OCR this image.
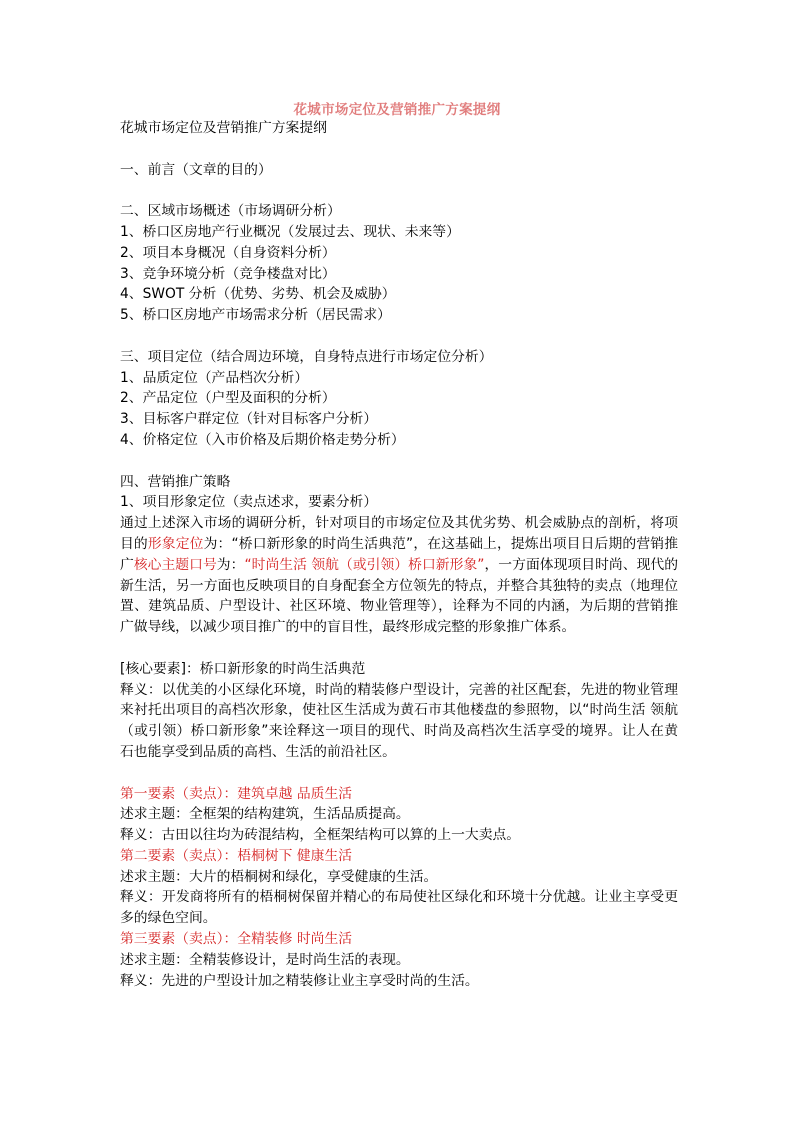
花城市场定位及营销推广方案提纲
花城市场定位及营销推广方案提纲
一、前言（文章的目的）
二、区域市场概述（市场调研分析）
1、桥口区房地产行业概况（发展过去、现状、未来等）
2、项目本身概况（自身资料分析）
3、竞争环境分析（竞争楼盘对比）
4、SWOT 分析（优势、劣势、机会及威胁）
5、桥口区房地产市场需求分析（居民需求）
三、项目定位（结合周边环境，自身特点进行市场定位分析）
1、品质定位（产品档次分析）
2、产品定位（户型及面积的分析）
3、目标客户群定位（针对目标客户分析）
4、价格定位（入市价格及后期价格走势分析）
四、营销推广策略
1、项目形象定位（卖点述求，要素分析）
通过上述深入市场的调研分析，针对项目的市场定位及其优劣势、机会威胁点的剖析，将项目的形象定位为：“桥口新形象的时尚生活典范”，在这基础上，提炼出项目日后期的营销推广核心主题口号为：“时尚生活 领航（或引领）桥口新形象”，一方面体现项目时尚、现代的新生活，另一方面也反映项目的自身配套全方位领先的特点，并整合其独特的卖点（地理位置、建筑品质、户型设计、社区环境、物业管理等），诠释为不同的内涵，为后期的营销推广做导线，以减少项目推广的中的盲目性，最终形成完整的形象推广体系。
[核心要素]：桥口新形象的时尚生活典范
释义：以优美的小区绿化环境，时尚的精装修户型设计，完善的社区配套，先进的物业管理来衬托出项目的高档次形象，使社区生活成为黄石市其他楼盘的参照物，以“时尚生活 领航（或引领）桥口新形象”来诠释这一项目的现代、时尚及高档次生活享受的境界。让人在黄石也能享受到品质的高档、生活的前沿社区。
第一要素（卖点）：建筑卓越 品质生活
述求主题：全框架的结构建筑，生活品质提高。
释义：古田以往均为砖混结构，全框架结构可以算的上一大卖点。
第二要素（卖点）：梧桐树下 健康生活
述求主题：大片的梧桐树和绿化，享受健康的生活。
释义：开发商将所有的梧桐树保留并精心的布局使社区绿化和环境十分优越。让业主享受更多的绿色空间。
第三要素（卖点）：全精装修 时尚生活
述求主题：全精装修设计，是时尚生活的表现。
释义：先进的户型设计加之精装修让业主享受时尚的生活。
